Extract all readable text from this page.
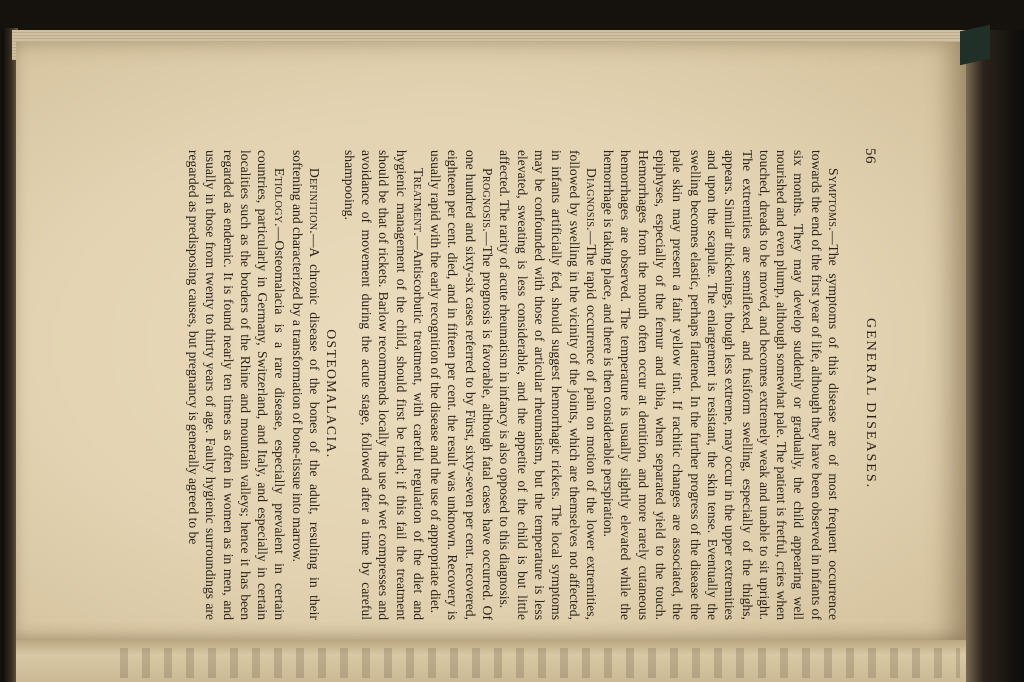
56
GENERAL DISEASES.

Symptoms.—The symptoms of this disease are of most frequent occurrence towards the end of the first year of life, although they have been observed in infants of six months. They may develop suddenly or gradually, the child appearing well nourished and even plump, although somewhat pale. The patient is fretful, cries when touched, dreads to be moved, and becomes extremely weak and unable to sit upright. The extremities are semiflexed, and fusiform swelling, especially of the thighs, appears. Similar thickenings, though less extreme, may occur in the upper extremities and upon the scapulæ. The enlargement is resistant, the skin tense. Eventually the swelling becomes elastic, perhaps flattened. In the further progress of the disease the pale skin may present a faint yellow tint. If rachitic changes are associated, the epiphyses, especially of the femur and tibia, when separated yield to the touch. Hemorrhages from the mouth often occur at dentition, and more rarely cutaneous hemorrhages are observed. The temperature is usually slightly elevated while the hemorrhage is taking place, and there is then considerable perspiration.

Diagnosis.—The rapid occurrence of pain on motion of the lower extremities, followed by swelling in the vicinity of the joints, which are themselves not affected, in infants artificially fed, should suggest hemorrhagic rickets. The local symptoms may be confounded with those of articular rheumatism, but the temperature is less elevated, sweating is less considerable, and the appetite of the child is but little affected. The rarity of acute rheumatism in infancy is also opposed to this diagnosis.

Prognosis.—The prognosis is favorable, although fatal cases have occurred. Of one hundred and sixty-six cases referred to by Fürst, sixty-seven per cent. recovered, eighteen per cent. died, and in fifteen per cent. the result was unknown. Recovery is usually rapid with the early recognition of the disease and the use of appropriate diet.

Treatment.—Antiscorbutic treatment, with careful regulation of the diet and hygienic management of the child, should first be tried; if this fail the treatment should be that of rickets. Barlow recommends locally the use of wet compresses and avoidance of movement during the acute stage, followed after a time by careful shampooing.

OSTEOMALACIA.

Definition.—A chronic disease of the bones of the adult, resulting in their softening and characterized by a transformation of bone-tissue into marrow.

Etiology.—Osteomalacia is a rare disease, especially prevalent in certain countries, particularly in Germany, Switzerland, and Italy, and especially in certain localities such as the borders of the Rhine and mountain valleys; hence it has been regarded as endemic. It is found nearly ten times as often in women as in men, and usually in those from twenty to thirty years of age. Faulty hygienic surroundings are regarded as predisposing causes, but pregnancy is generally agreed to be
